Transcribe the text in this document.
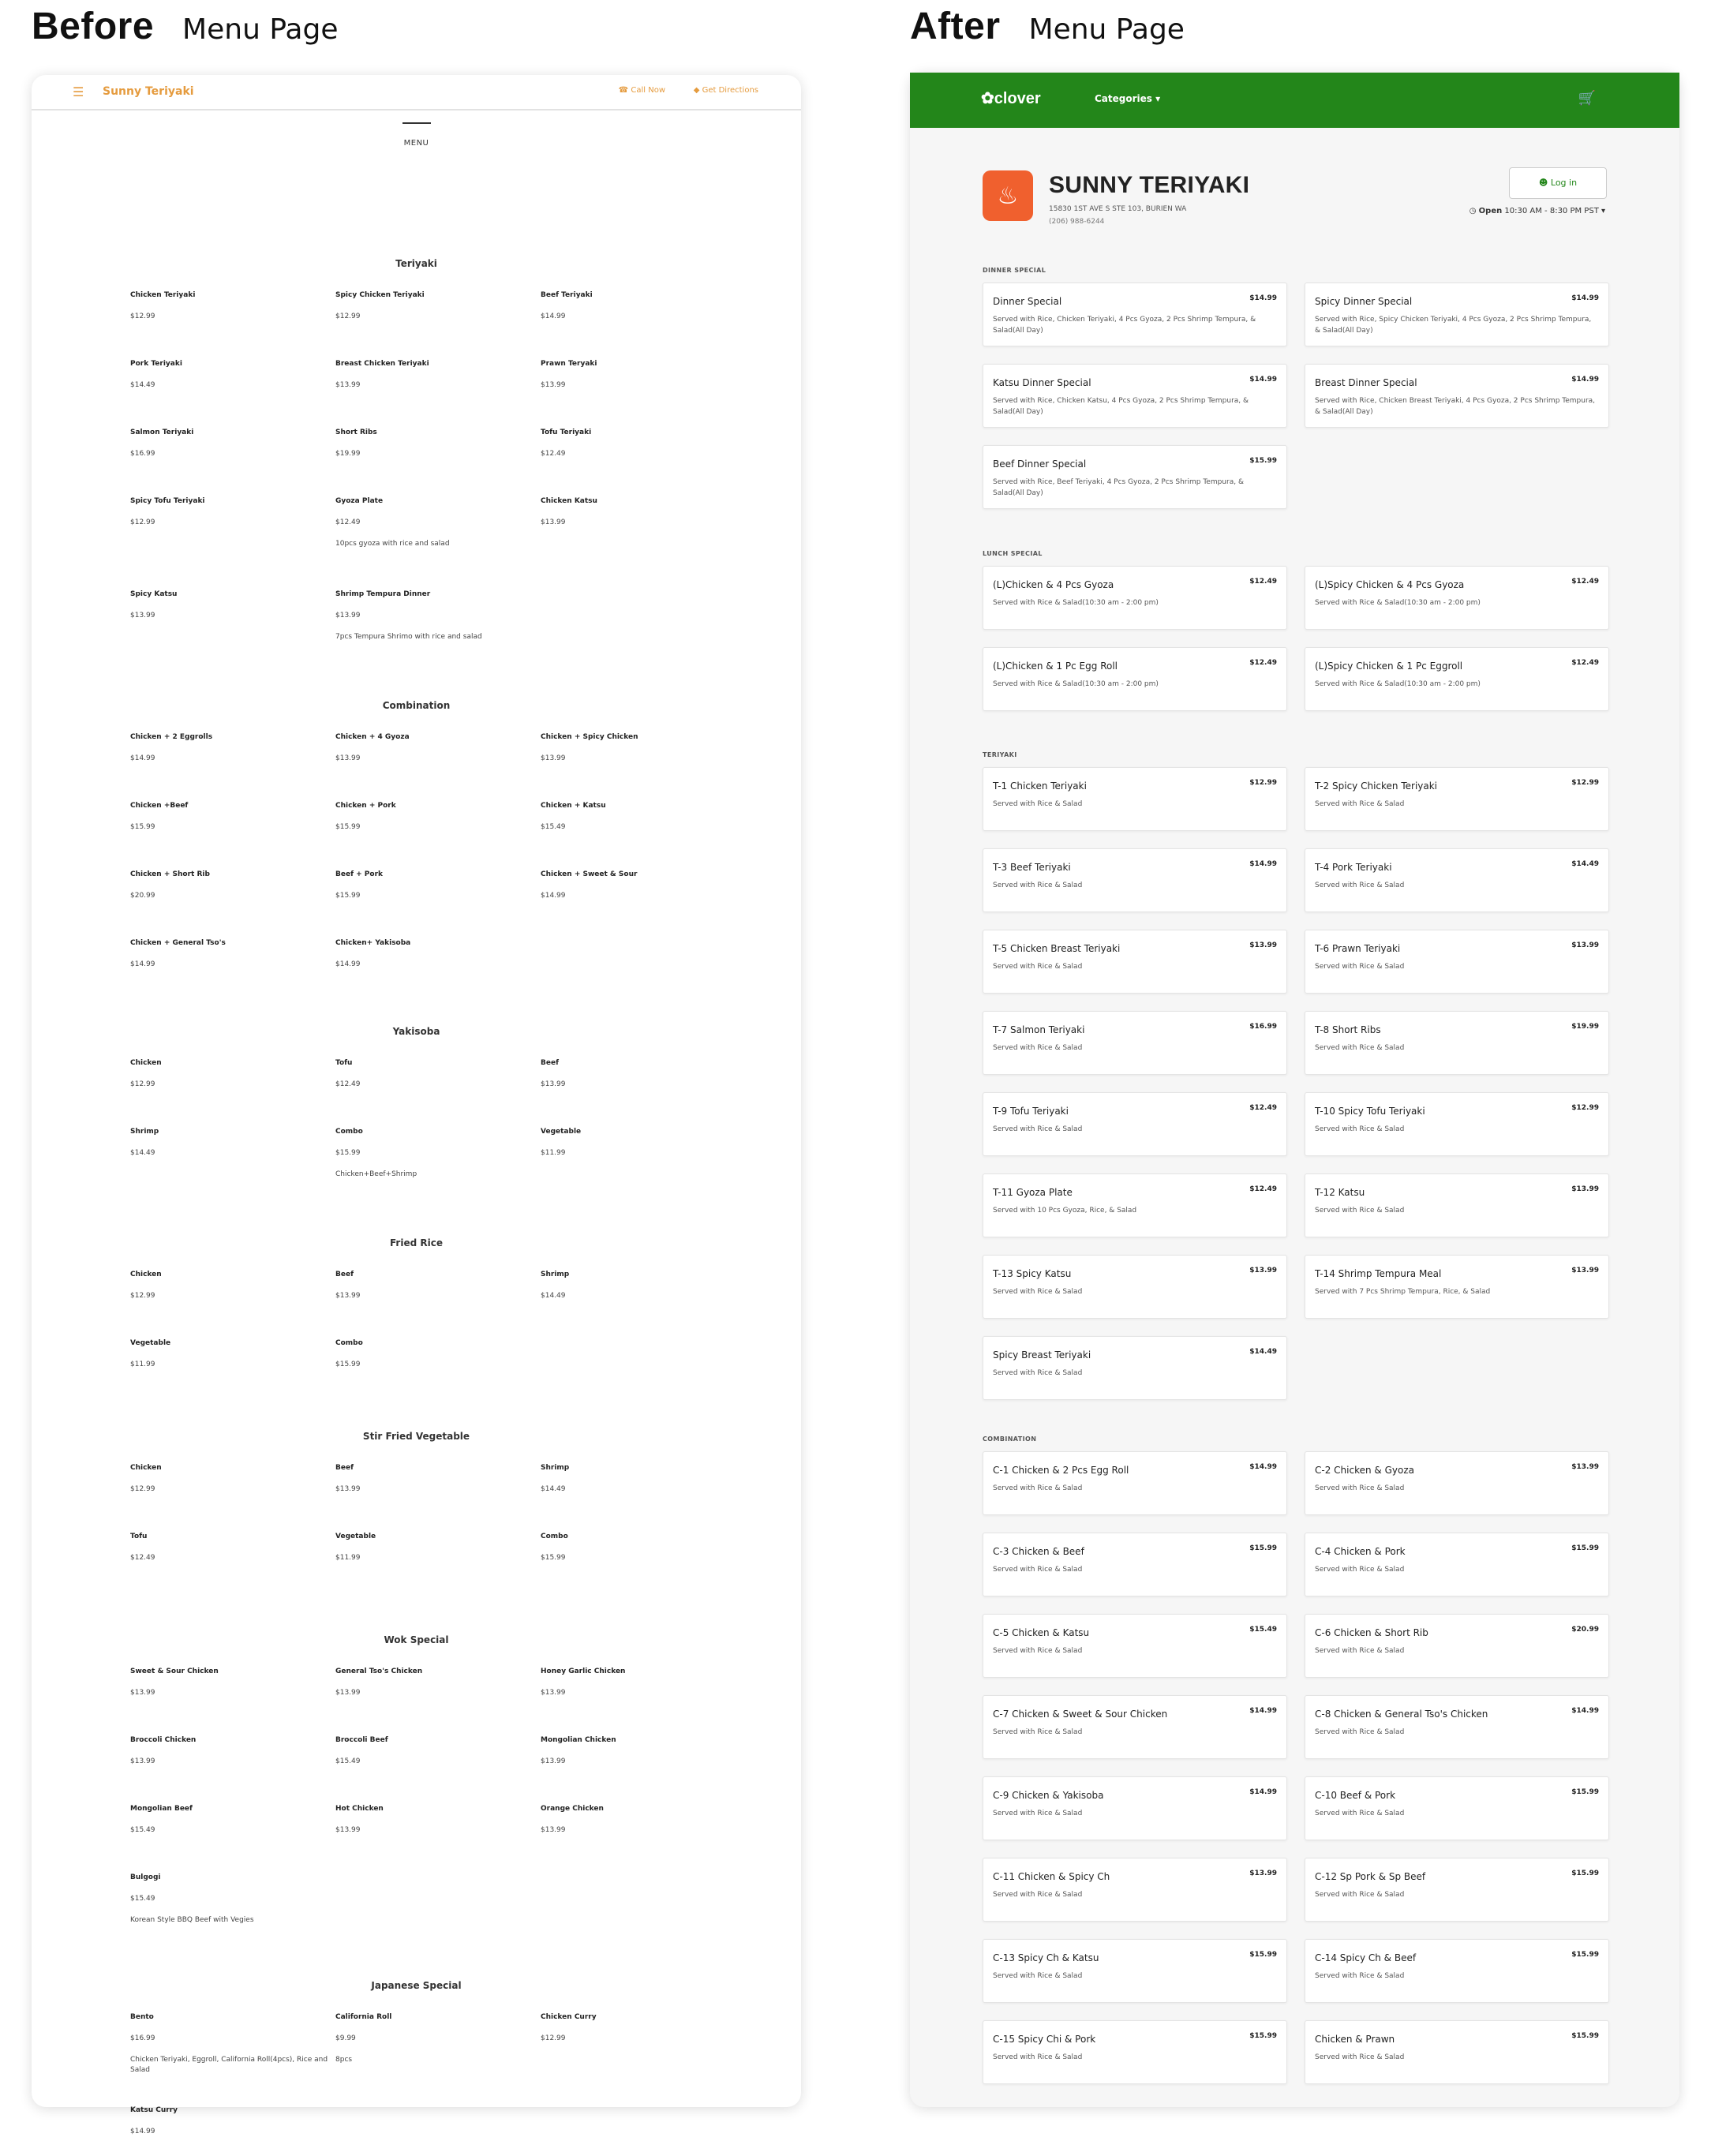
Before Menu Page	After Menu Page
☰ Sunny Teriyaki	☎ Call Now	◆ Get Directions
MENU
Teriyaki
Chicken Teriyaki
$12.99
Spicy Chicken Teriyaki
$12.99
Beef Teriyaki
$14.99
Pork Teriyaki
$14.49
Breast Chicken Teriyaki
$13.99
Prawn Teryaki
$13.99
Salmon Teriyaki
$16.99
Short Ribs
$19.99
Tofu Teriyaki
$12.49
Spicy Tofu Teriyaki
$12.99
Gyoza Plate
$12.49
10pcs gyoza with rice and salad
Chicken Katsu
$13.99
Spicy Katsu
$13.99
Shrimp Tempura Dinner
$13.99
7pcs Tempura Shrimo with rice and salad
Combination
Chicken + 2 Eggrolls
$14.99
Chicken + 4 Gyoza
$13.99
Chicken + Spicy Chicken
$13.99
Chicken +Beef
$15.99
Chicken + Pork
$15.99
Chicken + Katsu
$15.49
Chicken + Short Rib
$20.99
Beef + Pork
$15.99
Chicken + Sweet & Sour
$14.99
Chicken + General Tso's
$14.99
Chicken+ Yakisoba
$14.99
Yakisoba
Chicken
$12.99
Tofu
$12.49
Beef
$13.99
Shrimp
$14.49
Combo
$15.99
Chicken+Beef+Shrimp
Vegetable
$11.99
Fried Rice
Chicken
$12.99
Beef
$13.99
Shrimp
$14.49
Vegetable
$11.99
Combo
$15.99
Stir Fried Vegetable
Chicken
$12.99
Beef
$13.99
Shrimp
$14.49
Tofu
$12.49
Vegetable
$11.99
Combo
$15.99
Wok Special
Sweet & Sour Chicken
$13.99
General Tso's Chicken
$13.99
Honey Garlic Chicken
$13.99
Broccoli Chicken
$13.99
Broccoli Beef
$15.49
Mongolian Chicken
$13.99
Mongolian Beef
$15.49
Hot Chicken
$13.99
Orange Chicken
$13.99
Bulgogi
$15.49
Korean Style BBQ Beef with Vegies
Japanese Special
Bento
$16.99
Chicken Teriyaki, Eggroll, California Roll(4pcs), Rice and Salad
California Roll
$9.99
8pcs
Chicken Curry
$12.99
Katsu Curry
$14.99
✿clover	Categories ▾	🛒
♨	SUNNY TERIYAKI
15830 1ST AVE S STE 103, BURIEN WA
(206) 988-6244
☻ Log in
◷ Open 10:30 AM - 8:30 PM PST ▾
DINNER SPECIAL
Dinner Special	$14.99
Served with Rice, Chicken Teriyaki, 4 Pcs Gyoza, 2 Pcs Shrimp Tempura, & Salad(All Day)
Spicy Dinner Special	$14.99
Served with Rice, Spicy Chicken Teriyaki, 4 Pcs Gyoza, 2 Pcs Shrimp Tempura, & Salad(All Day)
Katsu Dinner Special	$14.99
Served with Rice, Chicken Katsu, 4 Pcs Gyoza, 2 Pcs Shrimp Tempura, & Salad(All Day)
Breast Dinner Special	$14.99
Served with Rice, Chicken Breast Teriyaki, 4 Pcs Gyoza, 2 Pcs Shrimp Tempura, & Salad(All Day)
Beef Dinner Special	$15.99
Served with Rice, Beef Teriyaki, 4 Pcs Gyoza, 2 Pcs Shrimp Tempura, & Salad(All Day)
LUNCH SPECIAL
(L)Chicken & 4 Pcs Gyoza	$12.49
Served with Rice & Salad(10:30 am - 2:00 pm)
(L)Spicy Chicken & 4 Pcs Gyoza	$12.49
Served with Rice & Salad(10:30 am - 2:00 pm)
(L)Chicken & 1 Pc Egg Roll	$12.49
Served with Rice & Salad(10:30 am - 2:00 pm)
(L)Spicy Chicken & 1 Pc Eggroll	$12.49
Served with Rice & Salad(10:30 am - 2:00 pm)
TERIYAKI
T-1 Chicken Teriyaki	$12.99
Served with Rice & Salad
T-2 Spicy Chicken Teriyaki	$12.99
Served with Rice & Salad
T-3 Beef Teriyaki	$14.99
Served with Rice & Salad
T-4 Pork Teriyaki	$14.49
Served with Rice & Salad
T-5 Chicken Breast Teriyaki	$13.99
Served with Rice & Salad
T-6 Prawn Teriyaki	$13.99
Served with Rice & Salad
T-7 Salmon Teriyaki	$16.99
Served with Rice & Salad
T-8 Short Ribs	$19.99
Served with Rice & Salad
T-9 Tofu Teriyaki	$12.49
Served with Rice & Salad
T-10 Spicy Tofu Teriyaki	$12.99
Served with Rice & Salad
T-11 Gyoza Plate	$12.49
Served with 10 Pcs Gyoza, Rice, & Salad
T-12 Katsu	$13.99
Served with Rice & Salad
T-13 Spicy Katsu	$13.99
Served with Rice & Salad
T-14 Shrimp Tempura Meal	$13.99
Served with 7 Pcs Shrimp Tempura, Rice, & Salad
Spicy Breast Teriyaki	$14.49
Served with Rice & Salad
COMBINATION
C-1 Chicken & 2 Pcs Egg Roll	$14.99
Served with Rice & Salad
C-2 Chicken & Gyoza	$13.99
Served with Rice & Salad
C-3 Chicken & Beef	$15.99
Served with Rice & Salad
C-4 Chicken & Pork	$15.99
Served with Rice & Salad
C-5 Chicken & Katsu	$15.49
Served with Rice & Salad
C-6 Chicken & Short Rib	$20.99
Served with Rice & Salad
C-7 Chicken & Sweet & Sour Chicken	$14.99
Served with Rice & Salad
C-8 Chicken & General Tso's Chicken	$14.99
Served with Rice & Salad
C-9 Chicken & Yakisoba	$14.99
Served with Rice & Salad
C-10 Beef & Pork	$15.99
Served with Rice & Salad
C-11 Chicken & Spicy Ch	$13.99
Served with Rice & Salad
C-12 Sp Pork & Sp Beef	$15.99
Served with Rice & Salad
C-13 Spicy Ch & Katsu	$15.99
Served with Rice & Salad
C-14 Spicy Ch & Beef	$15.99
Served with Rice & Salad
C-15 Spicy Chi & Pork	$15.99
Served with Rice & Salad
Chicken & Prawn	$15.99
Served with Rice & Salad
